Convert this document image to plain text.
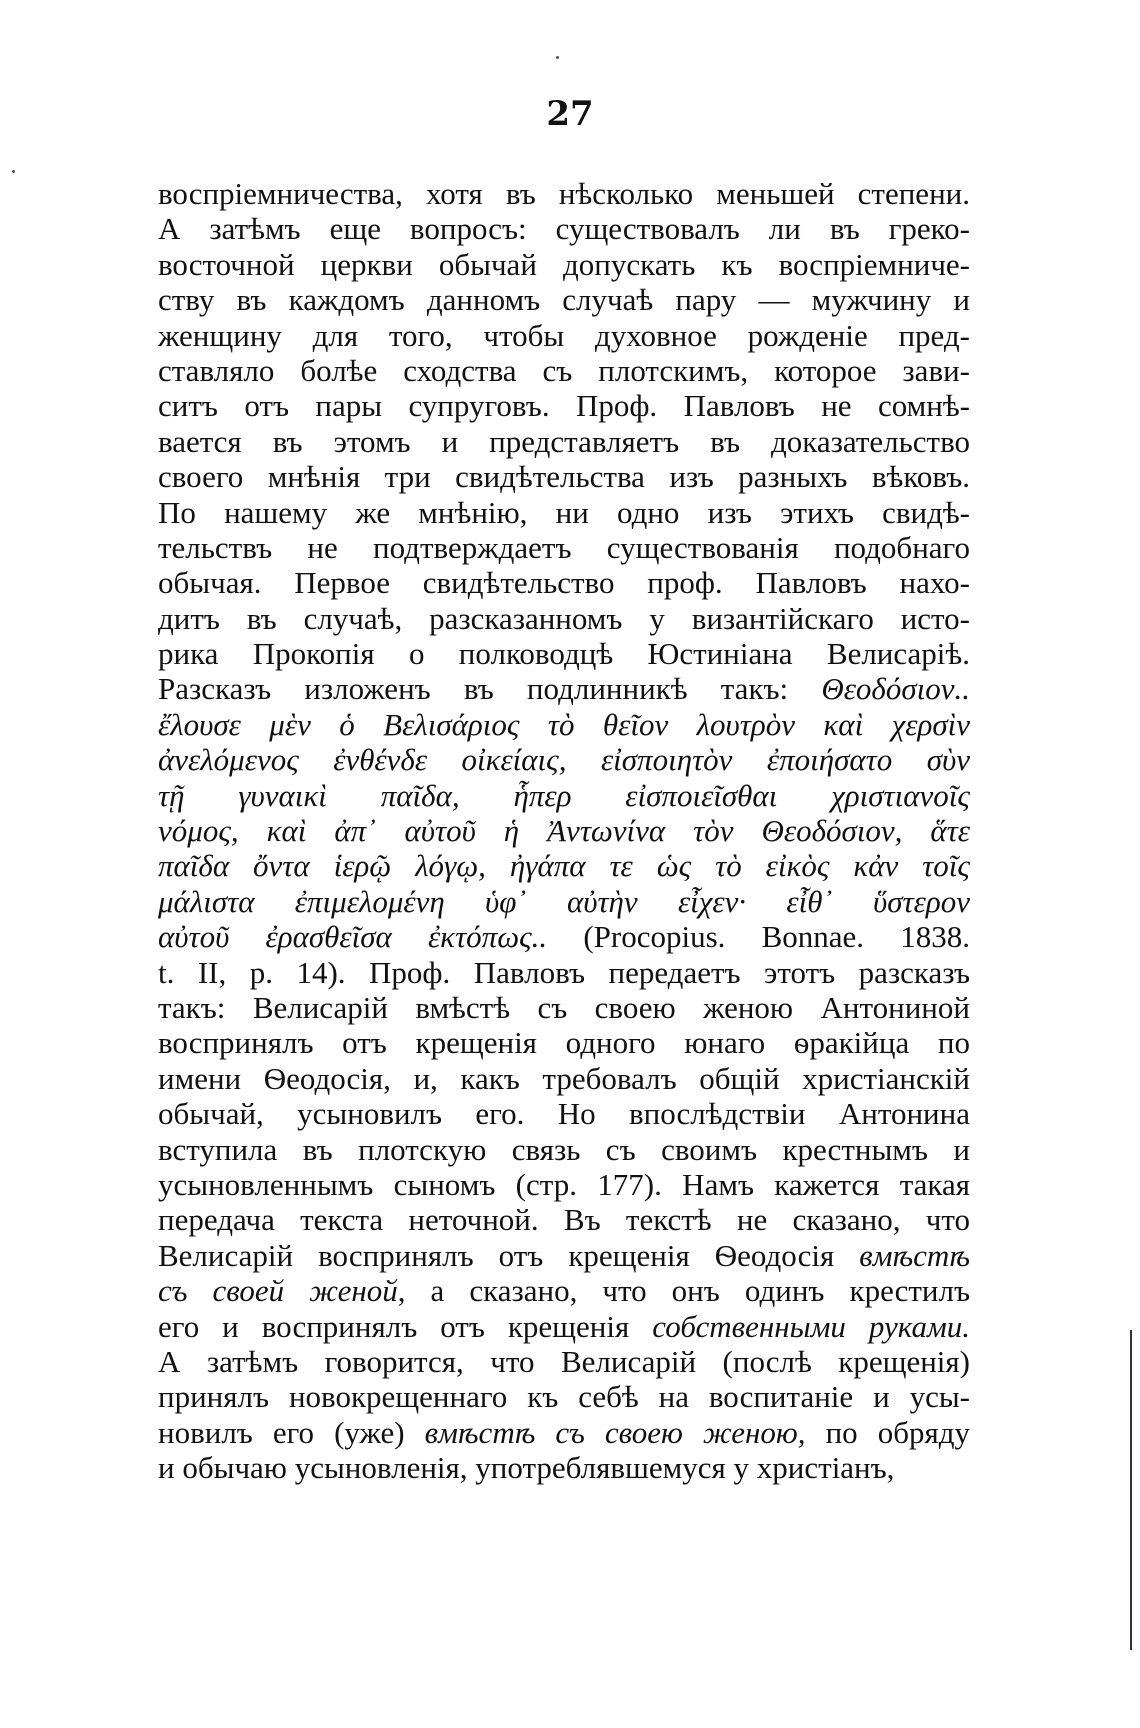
27
воспріемничества, хотя въ нѣсколько меньшей степени.
А затѣмъ еще вопросъ: существовалъ ли въ греко-
восточной церкви обычай допускать къ воспріемниче-
ству въ каждомъ данномъ случаѣ пару — мужчину и
женщину для того, чтобы духовное рожденіе пред-
ставляло болѣе сходства съ плотскимъ, которое зави-
ситъ отъ пары супруговъ. Проф. Павловъ не сомнѣ-
вается въ этомъ и представляетъ въ доказательство
своего мнѣнія три свидѣтельства изъ разныхъ вѣковъ.
По нашему же мнѣнію, ни одно изъ этихъ свидѣ-
тельствъ не подтверждаетъ существованія подобнаго
обычая. Первое свидѣтельство проф. Павловъ нахо-
дитъ въ случаѣ, разсказанномъ у византійскаго исто-
рика Прокопія о полководцѣ Юстиніана Велисаріѣ.
Разсказъ изложенъ въ подлинникѣ такъ: Θεοδόσιον..
ἔλουσε μὲν ὁ Βελισάριος τὸ θεῖον λουτρὸν καὶ χερσὶν
ἀνελόμενος ἐνθένδε οἰκείαις, εἰσποιητὸν ἐποιήσατο σὺν
τῇ γυναικὶ παῖδα, ἧπερ εἰσποιεῖσθαι χριστιανοῖς
νόμος, καὶ ἀπ᾿ αὐτοῦ ἡ Ἀντωνίνα τὸν Θεοδόσιον, ἅτε
παῖδα ὄντα ἱερῷ λόγῳ, ἠγάπα τε ὡς τὸ εἰκὸς κἀν τοῖς
μάλιστα ἐπιμελομένη ὑφ᾿ αὐτὴν εἶχεν· εἶθ᾿ ὕστερον
αὐτοῦ ἐρασθεῖσα ἐκτόπως.. (Procopius. Bonnae. 1838.
t. II, p. 14). Проф. Павловъ передаетъ этотъ разсказъ
такъ: Велисарій вмѣстѣ съ своею женою Антониной
воспринялъ отъ крещенія одного юнаго ѳракійца по
имени Ѳеодосія, и, какъ требовалъ общій христіанскій
обычай, усыновилъ его. Но впослѣдствіи Антонина
вступила въ плотскую связь съ своимъ крестнымъ и
усыновленнымъ сыномъ (стр. 177). Намъ кажется такая
передача текста неточной. Въ текстѣ не сказано, что
Велисарій воспринялъ отъ крещенія Ѳеодосія вмѣстѣ
съ своей женой, а сказано, что онъ одинъ крестилъ
его и воспринялъ отъ крещенія собственными руками.
А затѣмъ говорится, что Велисарій (послѣ крещенія)
принялъ новокрещеннаго къ себѣ на воспитаніе и усы-
новилъ его (уже) вмѣстѣ съ своею женою, по обряду
и обычаю усыновленія, употреблявшемуся у христіанъ,
